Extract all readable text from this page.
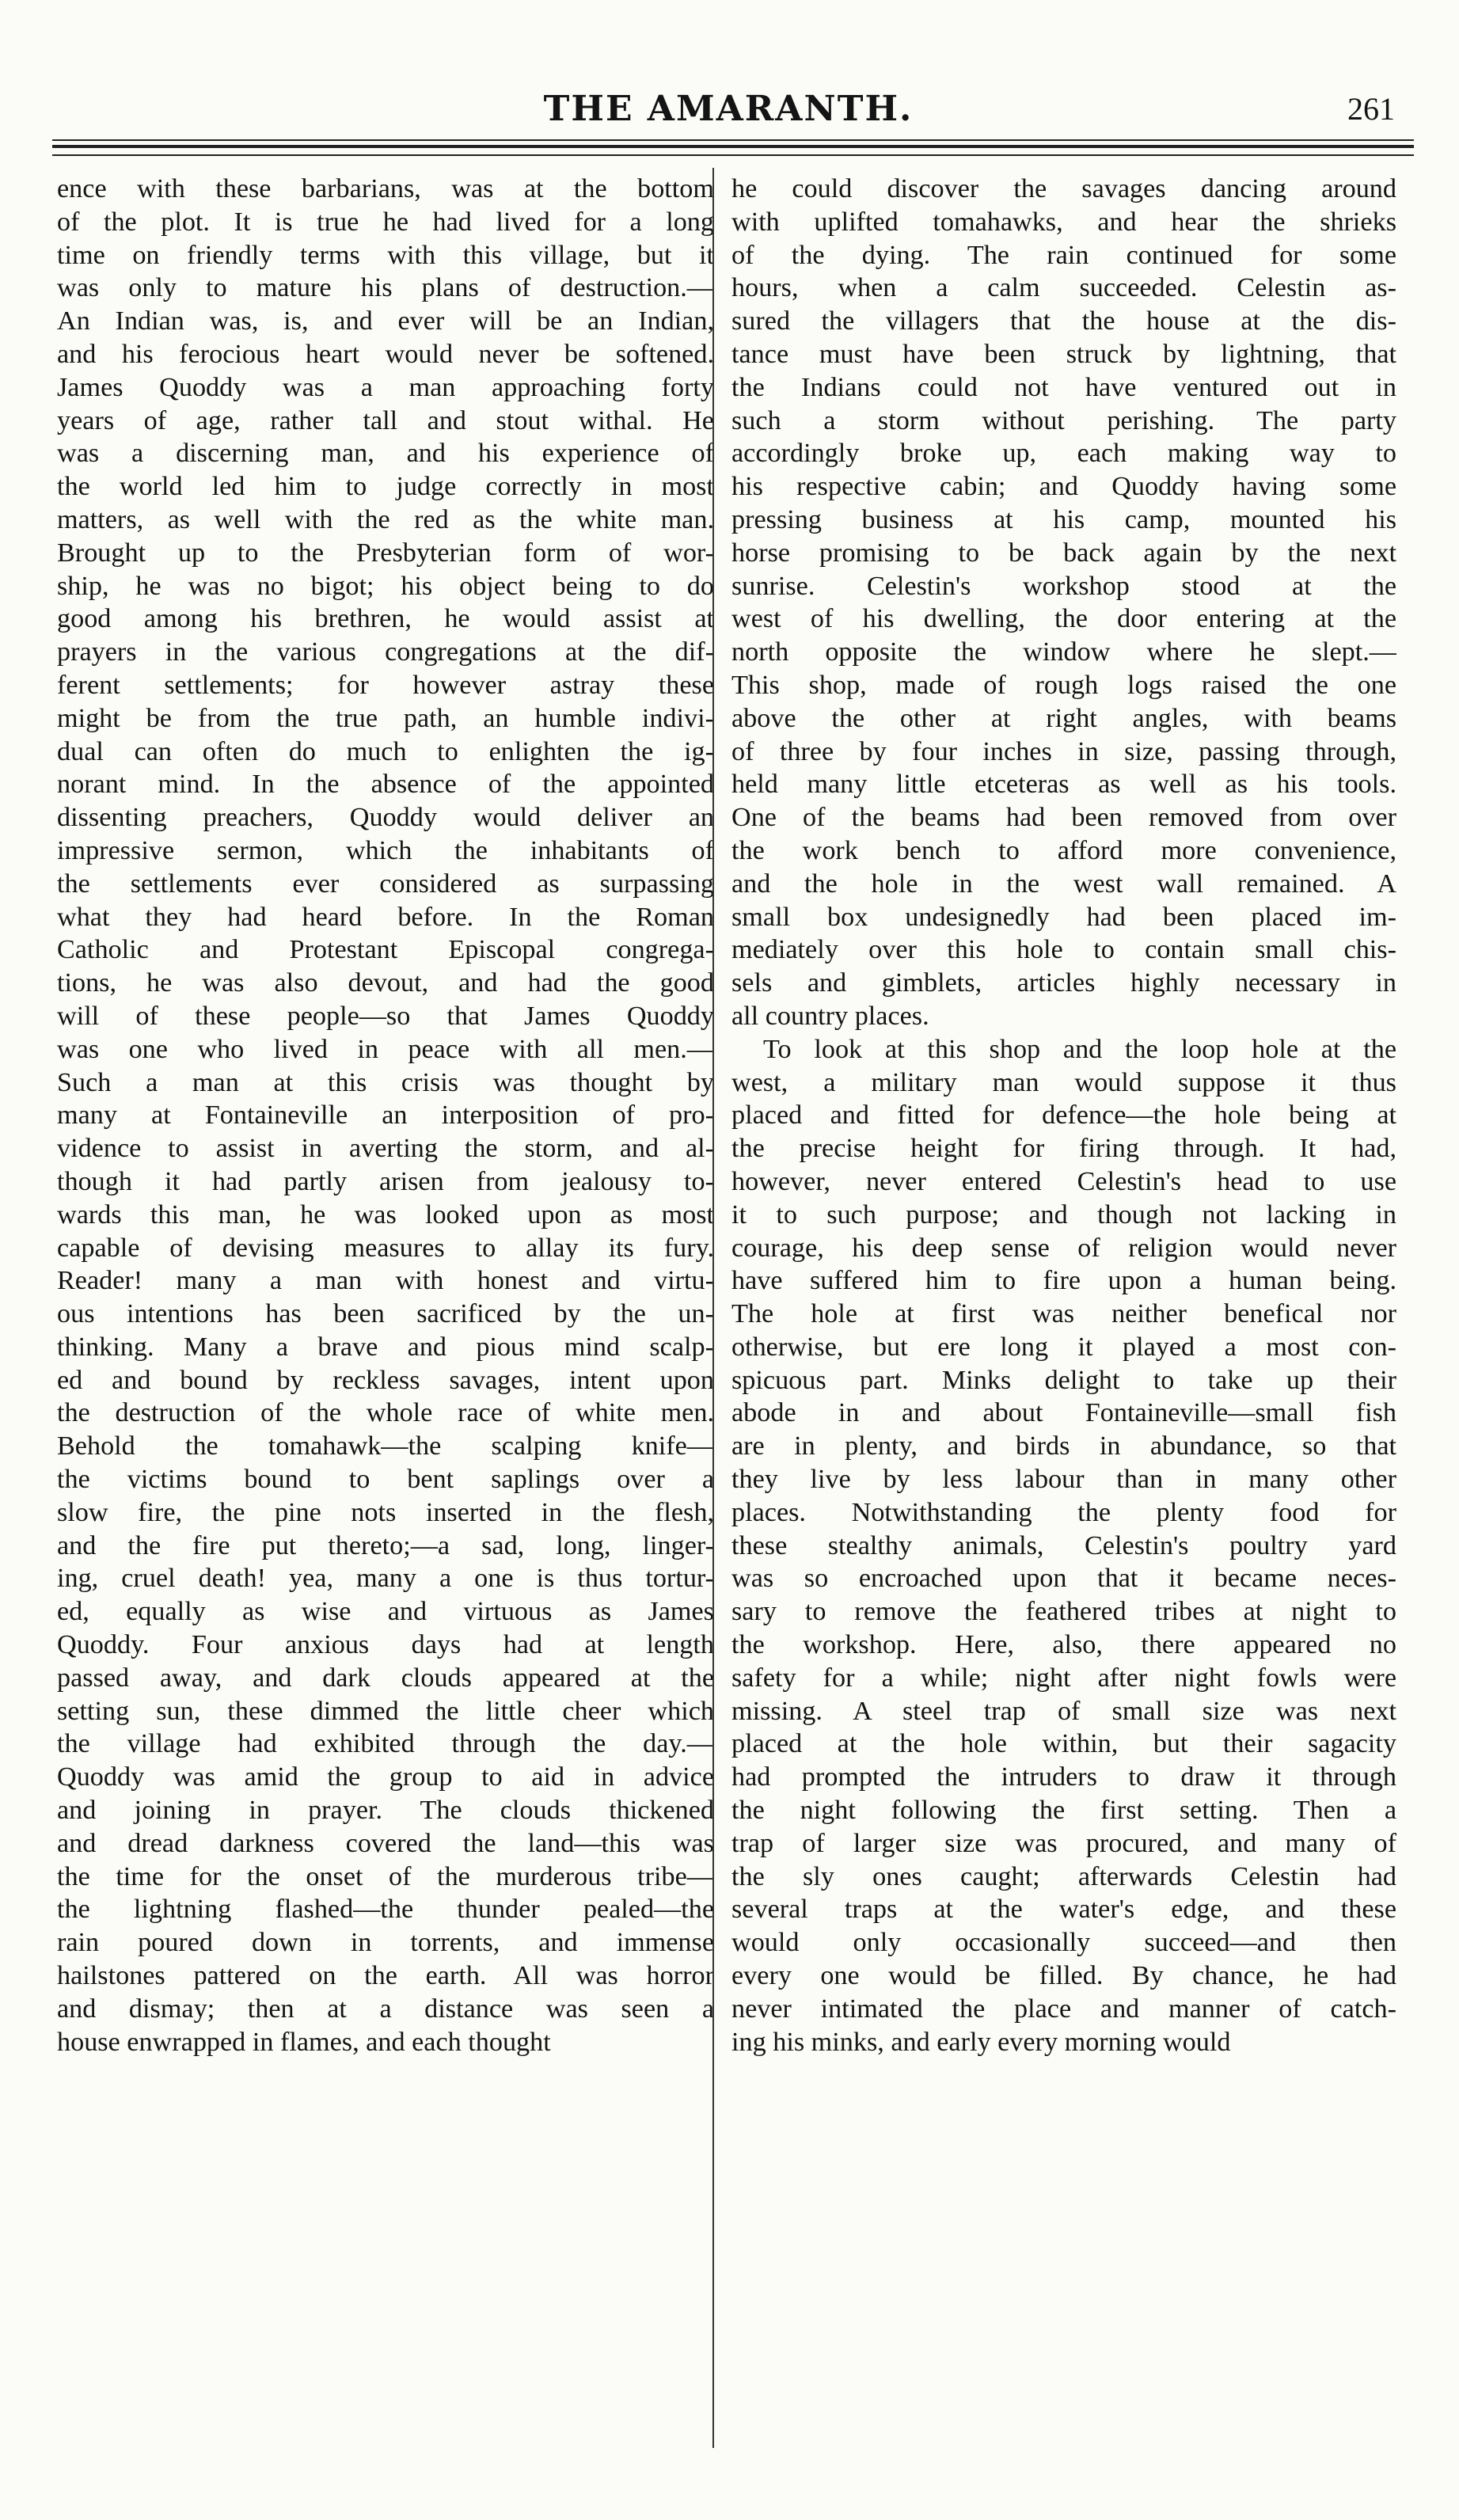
THE AMARANTH.	261
ence with these barbarians, was at the bottom
of the plot. It is true he had lived for a long
time on friendly terms with this village, but it
was only to mature his plans of destruction.—
An Indian was, is, and ever will be an Indian,
and his ferocious heart would never be softened.
James Quoddy was a man approaching forty
years of age, rather tall and stout withal. He
was a discerning man, and his experience of
the world led him to judge correctly in most
matters, as well with the red as the white man.
Brought up to the Presbyterian form of wor-
ship, he was no bigot; his object being to do
good among his brethren, he would assist at
prayers in the various congregations at the dif-
ferent settlements; for however astray these
might be from the true path, an humble indivi-
dual can often do much to enlighten the ig-
norant mind. In the absence of the appointed
dissenting preachers, Quoddy would deliver an
impressive sermon, which the inhabitants of
the settlements ever considered as surpassing
what they had heard before. In the Roman
Catholic and Protestant Episcopal congrega-
tions, he was also devout, and had the good
will of these people—so that James Quoddy
was one who lived in peace with all men.—
Such a man at this crisis was thought by
many at Fontaineville an interposition of pro-
vidence to assist in averting the storm, and al-
though it had partly arisen from jealousy to-
wards this man, he was looked upon as most
capable of devising measures to allay its fury.
Reader! many a man with honest and virtu-
ous intentions has been sacrificed by the un-
thinking. Many a brave and pious mind scalp-
ed and bound by reckless savages, intent upon
the destruction of the whole race of white men.
Behold the tomahawk—the scalping knife—
the victims bound to bent saplings over a
slow fire, the pine nots inserted in the flesh,
and the fire put thereto;—a sad, long, linger-
ing, cruel death! yea, many a one is thus tortur-
ed, equally as wise and virtuous as James
Quoddy. Four anxious days had at length
passed away, and dark clouds appeared at the
setting sun, these dimmed the little cheer which
the village had exhibited through the day.—
Quoddy was amid the group to aid in advice
and joining in prayer. The clouds thickened
and dread darkness covered the land—this was
the time for the onset of the murderous tribe—
the lightning flashed—the thunder pealed—the
rain poured down in torrents, and immense
hailstones pattered on the earth. All was horror
and dismay; then at a distance was seen a
house enwrapped in flames, and each thought
he could discover the savages dancing around
with uplifted tomahawks, and hear the shrieks
of the dying. The rain continued for some
hours, when a calm succeeded. Celestin as-
sured the villagers that the house at the dis-
tance must have been struck by lightning, that
the Indians could not have ventured out in
such a storm without perishing. The party
accordingly broke up, each making way to
his respective cabin; and Quoddy having some
pressing business at his camp, mounted his
horse promising to be back again by the next
sunrise. Celestin's workshop stood at the
west of his dwelling, the door entering at the
north opposite the window where he slept.—
This shop, made of rough logs raised the one
above the other at right angles, with beams
of three by four inches in size, passing through,
held many little etceteras as well as his tools.
One of the beams had been removed from over
the work bench to afford more convenience,
and the hole in the west wall remained. A
small box undesignedly had been placed im-
mediately over this hole to contain small chis-
sels and gimblets, articles highly necessary in
all country places.
To look at this shop and the loop hole at the
west, a military man would suppose it thus
placed and fitted for defence—the hole being at
the precise height for firing through. It had,
however, never entered Celestin's head to use
it to such purpose; and though not lacking in
courage, his deep sense of religion would never
have suffered him to fire upon a human being.
The hole at first was neither benefical nor
otherwise, but ere long it played a most con-
spicuous part. Minks delight to take up their
abode in and about Fontaineville—small fish
are in plenty, and birds in abundance, so that
they live by less labour than in many other
places. Notwithstanding the plenty food for
these stealthy animals, Celestin's poultry yard
was so encroached upon that it became neces-
sary to remove the feathered tribes at night to
the workshop. Here, also, there appeared no
safety for a while; night after night fowls were
missing. A steel trap of small size was next
placed at the hole within, but their sagacity
had prompted the intruders to draw it through
the night following the first setting. Then a
trap of larger size was procured, and many of
the sly ones caught; afterwards Celestin had
several traps at the water's edge, and these
would only occasionally succeed—and then
every one would be filled. By chance, he had
never intimated the place and manner of catch-
ing his minks, and early every morning would
